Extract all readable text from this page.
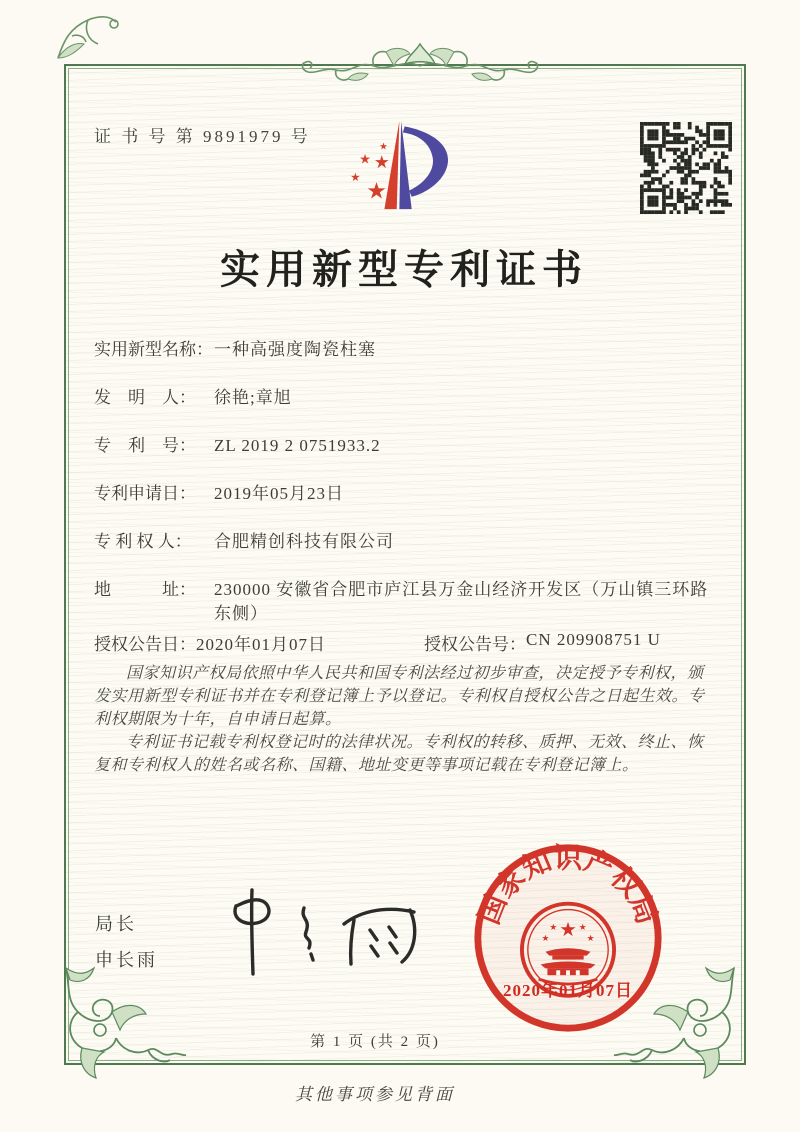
证 书 号 第 9891979 号
★
★
★ ★
★
实用新型专利证书
实用新型名称： 一种高强度陶瓷柱塞
发　明　人：	徐艳;章旭
专　利　号：	ZL 2019 2 0751933.2
专利申请日：	2019年05月23日
专 利 权 人：	合肥精创科技有限公司
地　　　址：	230000 安徽省合肥市庐江县万金山经济开发区（万山镇三环路东侧）
授权公告日： 2020年01月07日	授权公告号： CN 209908751 U

国家知识产权局依照中华人民共和国专利法经过初步审查，决定授予专利权，颁发实用新型专利证书并在专利登记簿上予以登记。专利权自授权公告之日起生效。专利权期限为十年，自申请日起算。

专利证书记载专利权登记时的法律状况。专利权的转移、质押、无效、终止、恢复和专利权人的姓名或名称、国籍、地址变更等事项记载在专利登记簿上。

局长
申长雨
国家知识产权局
★
★ ★
★	★
2020年01月07日
第 1 页 (共 2 页)
其他事项参见背面
